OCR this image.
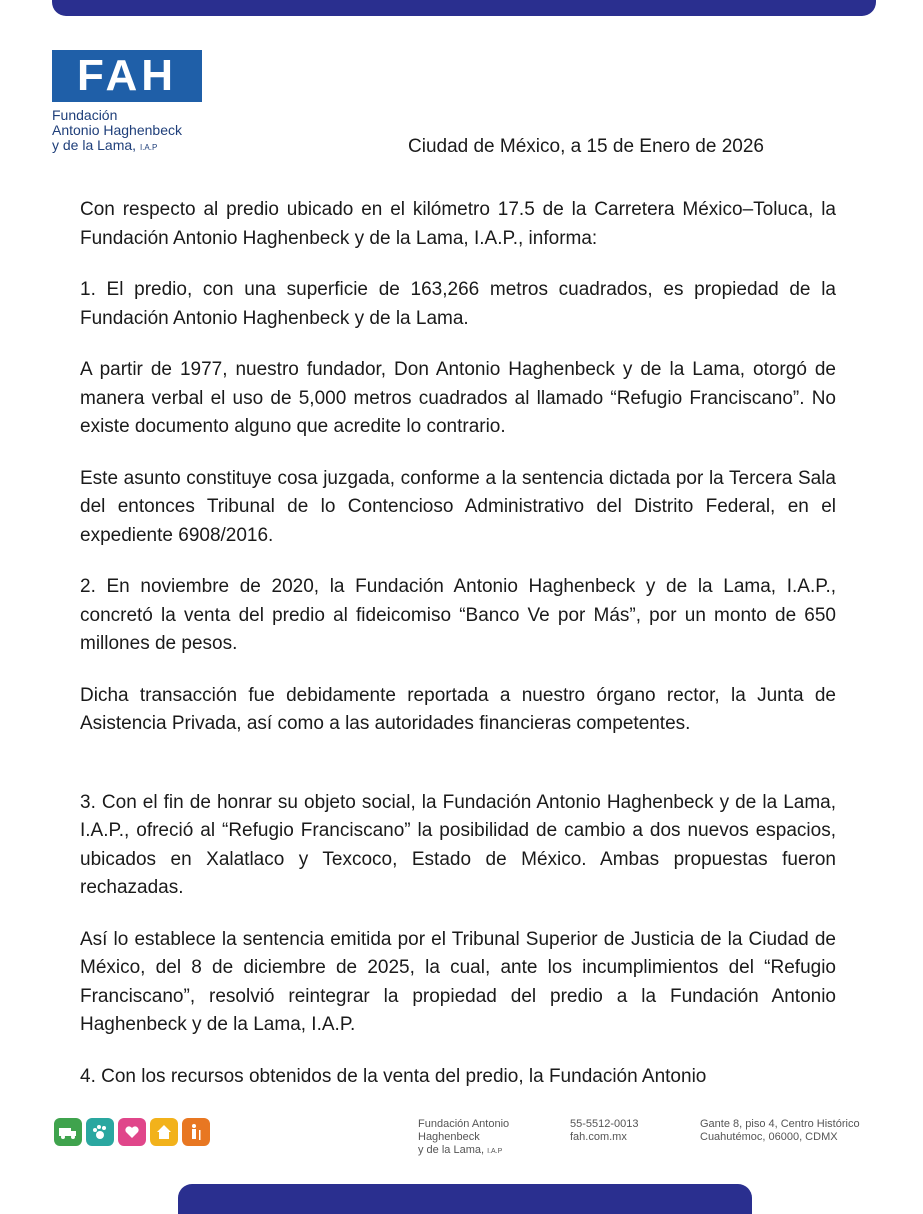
FAH
Fundación
Antonio Haghenbeck
y de la Lama, I.A.P	Ciudad de México, a 15 de Enero de 2026

Con respecto al predio ubicado en el kilómetro 17.5 de la Carretera México–Toluca, la Fundación Antonio Haghenbeck y de la Lama, I.A.P., informa:

1. El predio, con una superficie de 163,266 metros cuadrados, es propiedad de la Fundación Antonio Haghenbeck y de la Lama.

A partir de 1977, nuestro fundador, Don Antonio Haghenbeck y de la Lama, otorgó de manera verbal el uso de 5,000 metros cuadrados al llamado “Refugio Franciscano”. No existe documento alguno que acredite lo contrario.

Este asunto constituye cosa juzgada, conforme a la sentencia dictada por la Tercera Sala del entonces Tribunal de lo Contencioso Administrativo del Distrito Federal, en el expediente 6908/2016.

2. En noviembre de 2020, la Fundación Antonio Haghenbeck y de la Lama, I.A.P., concretó la venta del predio al fideicomiso “Banco Ve por Más”, por un monto de 650 millones de pesos.

Dicha transacción fue debidamente reportada a nuestro órgano rector, la Junta de Asistencia Privada, así como a las autoridades financieras competentes.

3. Con el fin de honrar su objeto social, la Fundación Antonio Haghenbeck y de la Lama, I.A.P., ofreció al “Refugio Franciscano” la posibilidad de cambio a dos nuevos espacios, ubicados en Xalatlaco y Texcoco, Estado de México. Ambas propuestas fueron rechazadas.

Así lo establece la sentencia emitida por el Tribunal Superior de Justicia de la Ciudad de México, del 8 de diciembre de 2025, la cual, ante los incumplimientos del “Refugio Franciscano”, resolvió reintegrar la propiedad del predio a la Fundación Antonio Haghenbeck y de la Lama, I.A.P.

4. Con los recursos obtenidos de la venta del predio, la Fundación Antonio

Fundación Antonio
Haghenbeck
y de la Lama, I.A.P
55-5512-0013
fah.com.mx
Gante 8, piso 4, Centro Histórico
Cuahutémoc, 06000, CDMX
